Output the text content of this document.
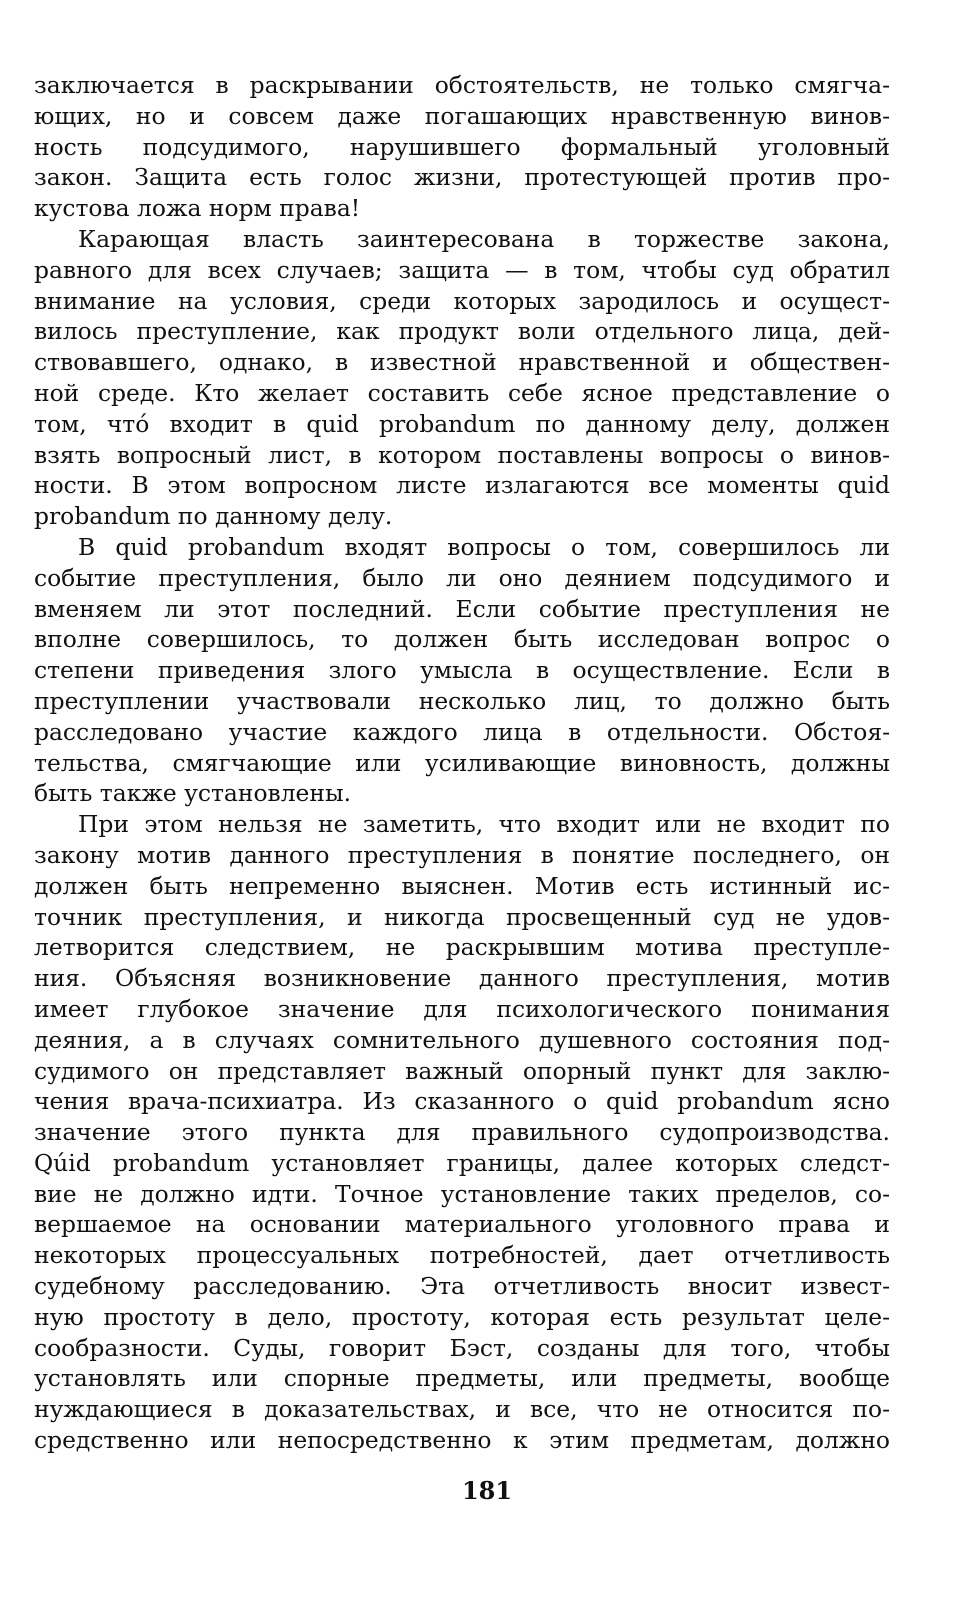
заключается в раскрывании обстоятельств, не только смягча-
ющих, но и совсем даже погашающих нравственную винов-
ность подсудимого, нарушившего формальный уголовный
закон. Защита есть голос жизни, протестующей против про-
кустова ложа норм права!
Карающая власть заинтересована в торжестве закона,
равного для всех случаев; защита — в том, чтобы суд обратил
внимание на условия, среди которых зародилось и осущест-
вилось преступление, как продукт воли отдельного лица, дей-
ствовавшего, однако, в известной нравственной и обществен-
ной среде. Кто желает составить себе ясное представление о
том, что́ входит в quid probandum по данному делу, должен
взять вопросный лист, в котором поставлены вопросы о винов-
ности. В этом вопросном листе излагаются все моменты quid
probandum по данному делу.
В quid probandum входят вопросы о том, совершилось ли
событие преступления, было ли оно деянием подсудимого и
вменяем ли этот последний. Если событие преступления не
вполне совершилось, то должен быть исследован вопрос о
степени приведения злого умысла в осуществление. Если в
преступлении участвовали несколько лиц, то должно быть
расследовано участие каждого лица в отдельности. Обстоя-
тельства, смягчающие или усиливающие виновность, должны
быть также установлены.
При этом нельзя не заметить, что входит или не входит по
закону мотив данного преступления в понятие последнего, он
должен быть непременно выяснен. Мотив есть истинный ис-
точник преступления, и никогда просвещенный суд не удов-
летворится следствием, не раскрывшим мотива преступле-
ния. Объясняя возникновение данного преступления, мотив
имеет глубокое значение для психологического понимания
деяния, а в случаях сомнительного душевного состояния под-
судимого он представляет важный опорный пункт для заклю-
чения врача-психиатра. Из сказанного о quid probandum ясно
значение этого пункта для правильного судопроизводства.
Qúid probandum установляет границы, далее которых следст-
вие не должно идти. Точное установление таких пределов, со-
вершаемое на основании материального уголовного права и
некоторых процессуальных потребностей, дает отчетливость
судебному расследованию. Эта отчетливость вносит извест-
ную простоту в дело, простоту, которая есть результат целе-
сообразности. Суды, говорит Бэст, созданы для того, чтобы
установлять или спорные предметы, или предметы, вообще
нуждающиеся в доказательствах, и все, что не относится по-
средственно или непосредственно к этим предметам, должно
181
